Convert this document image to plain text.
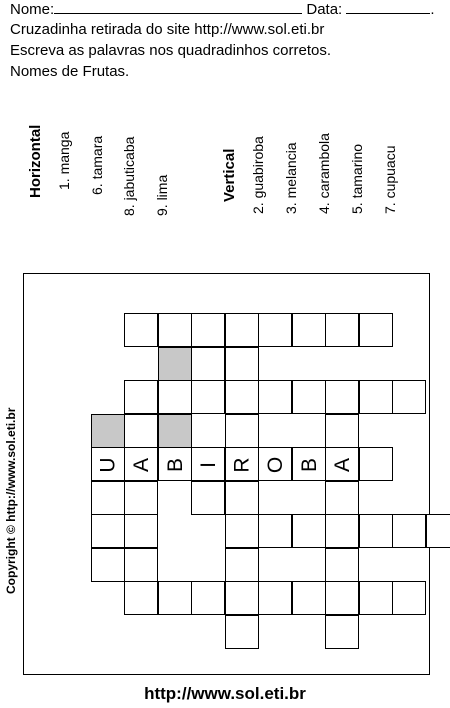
Nome:	Data:	.
Cruzadinha retirada do site http://www.sol.eti.br
Escreva as palavras nos quadradinhos corretos.
Nomes de Frutas.
Horizontal 1. manga 6. tamara 8. jabuticaba 9. lima	Vertical 2. guabiroba 3. melancia 4. carambola 5. tamarino 7. cupuacu
U A B I R O B A
Copyright © http://www.sol.eti.br
http://www.sol.eti.br
